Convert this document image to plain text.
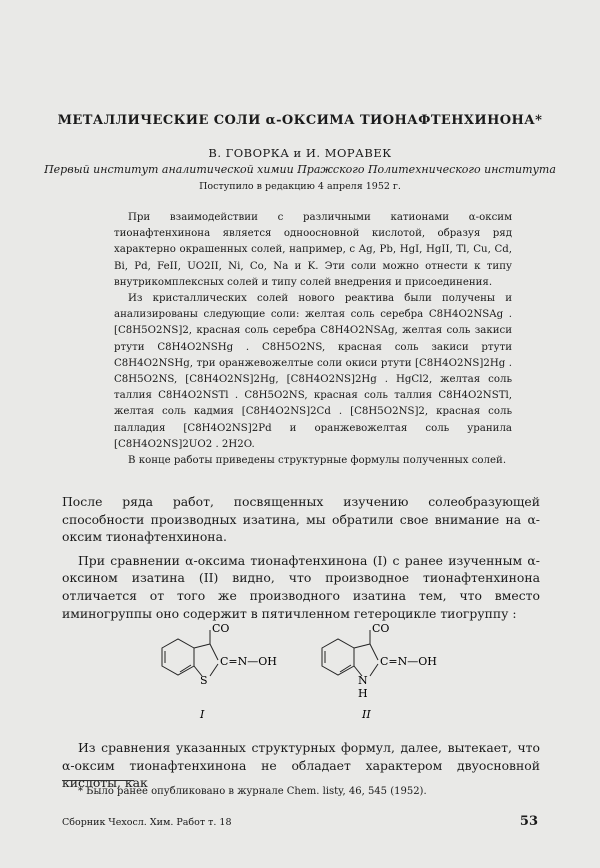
МЕТАЛЛИЧЕСКИЕ СОЛИ α-ОКСИМА ТИОНАФТЕНХИНОНА*
В. ГОВОРКА и И. МОРАВЕК
Первый институт аналитической химии Пражского Политехнического института
Поступило в редакцию 4 апреля 1952 г.

При взаимодействии с различными катионами α-оксим тионафтенхинона является одноосновной кислотой, образуя ряд характерно окрашенных солей, например, с Ag, Pb, HgI, HgII, Tl, Cu, Cd, Bi, Pd, FeII, UO2II, Ni, Co, Na и K. Эти соли можно отнести к типу внутрикомплексных солей и типу солей внедрения и присоединения.

Из кристаллических солей нового реактива были получены и анализированы следующие соли: желтая соль серебра C8H4O2NSAg . [C8H5O2NS]2, красная соль серебра C8H4O2NSAg, желтая соль закиси ртути C8H4O2NSHg . C8H5O2NS, красная соль закиси ртути C8H4O2NSHg, три оранжевожелтые соли окиси ртути [C8H4O2NS]2Hg . C8H5O2NS, [C8H4O2NS]2Hg, [C8H4O2NS]2Hg . HgCl2, желтая соль таллия C8H4O2NSTl . C8H5O2NS, красная соль таллия C8H4O2NSTl, желтая соль кадмия [C8H4O2NS]2Cd . [C8H5O2NS]2, красная соль палладия [C8H4O2NS]2Pd и оранжевожелтая соль уранила [C8H4O2NS]2UO2 . 2H2O.

В конце работы приведены структурные формулы полученных солей.

После ряда работ, посвященных изучению солеобразующей способности производных изатина, мы обратили свое внимание на α-оксим тионафтенхинона.

При сравнении α-оксима тионафтенхинона (I) с ранее изученным α-оксином изатина (II) видно, что производное тионафтенхинона отличается от того же производного изатина тем, что вместо иминогруппы оно содержит в пятичленном гетероцикле тиогруппу :

CO
C=N—OH
S
I
CO
C=N—OH
N
H
II

Из сравнения указанных структурных формул, далее, вытекает, что α-оксим тионафтенхинона не обладает характером двуосновной кислоты, как

* Было ранее опубликовано в журнале Chem. listy, 46, 545 (1952).
Сборник Чехосл. Хим. Работ т. 18	53
